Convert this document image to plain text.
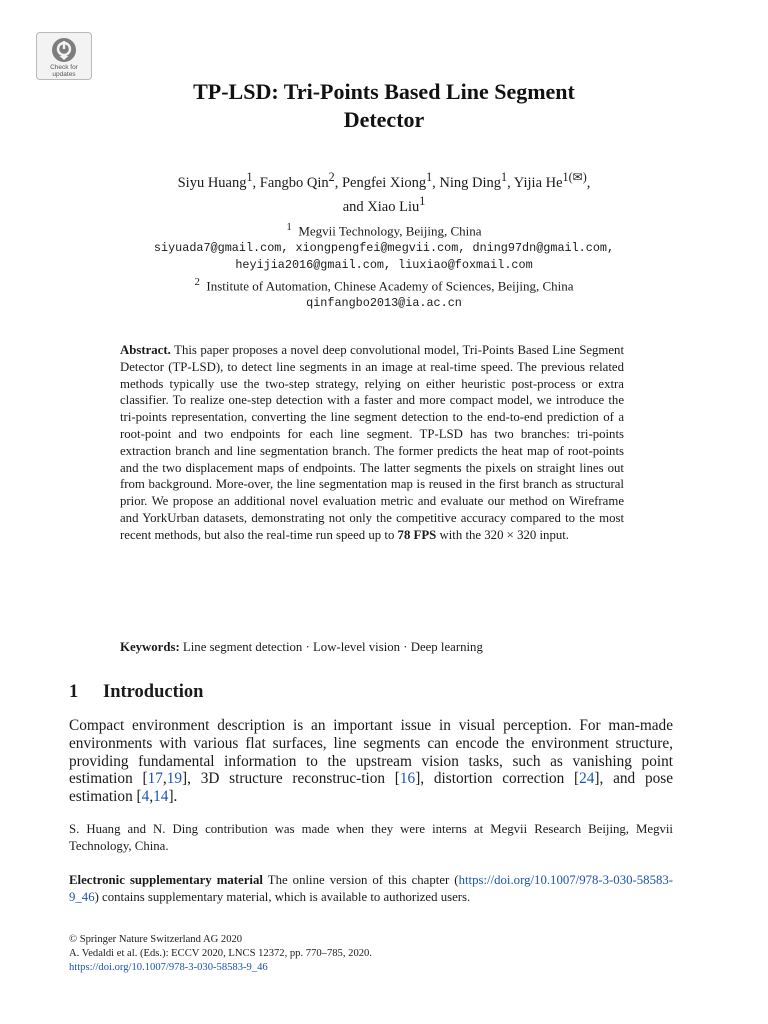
Check for updates
TP-LSD: Tri-Points Based Line Segment
Detector
Siyu Huang$^1$, Fangbo Qin$^2$, Pengfei Xiong$^1$, Ning Ding$^1$, Yijia $He^{1(✉)}$,
and Xiao Liu$^1$
$^1$  Megvii Technology, Beijing, China
siyuada7@gmail.com, xiongpengfei@megvii.com, dning97dn@gmail.com,
heyijia2016@gmail.com, liuxiao@foxmail.com
$^2$  Institute of Automation, Chinese Academy of Sciences, Beijing, China
qinfangbo2013@ia.ac.cn
Abstract. This paper proposes a novel deep convolutional model, Tri-Points Based Line Segment Detector (TP-LSD), to detect line segments in an image at real-time speed. The previous related methods typically use the two-step strategy, relying on either heuristic post-process or extra classifier. To realize one-step detection with a faster and more compact model, we introduce the tri-points representation, converting the line segment detection to the end-to-end prediction of a root-point and two endpoints for each line segment. TP-LSD has two branches: tri-points extraction branch and line segmentation branch. The former predicts the heat map of root-points and the two displacement maps of endpoints. The latter segments the pixels on straight lines out from background. More-over, the line segmentation map is reused in the first branch as structural prior. We propose an additional novel evaluation metric and evaluate our method on Wireframe and YorkUrban datasets, demonstrating not only the competitive accuracy compared to the most recent methods, but also the real-time run speed up to 78 FPS with the 320 × 320 input.
Keywords: Line segment detection · Low-level vision · Deep learning
1 Introduction
Compact environment description is an important issue in visual perception. For man-made environments with various flat surfaces, line segments can encode the environment structure, providing fundamental information to the upstream vision tasks, such as vanishing point estimation [17,19], 3D structure reconstruc-tion [16], distortion correction [24], and pose estimation [4,14].
S. Huang and N. Ding contribution was made when they were interns at Megvii Research Beijing, Megvii Technology, China.
Electronic supplementary material The online version of this chapter (https://doi.org/10.1007/978-3-030-58583-9_46) contains supplementary material, which is available to authorized users.
© Springer Nature Switzerland AG 2020
A. Vedaldi et al. (Eds.): ECCV 2020, LNCS 12372, pp. 770–785, 2020.
https://doi.org/10.1007/978-3-030-58583-9_46
